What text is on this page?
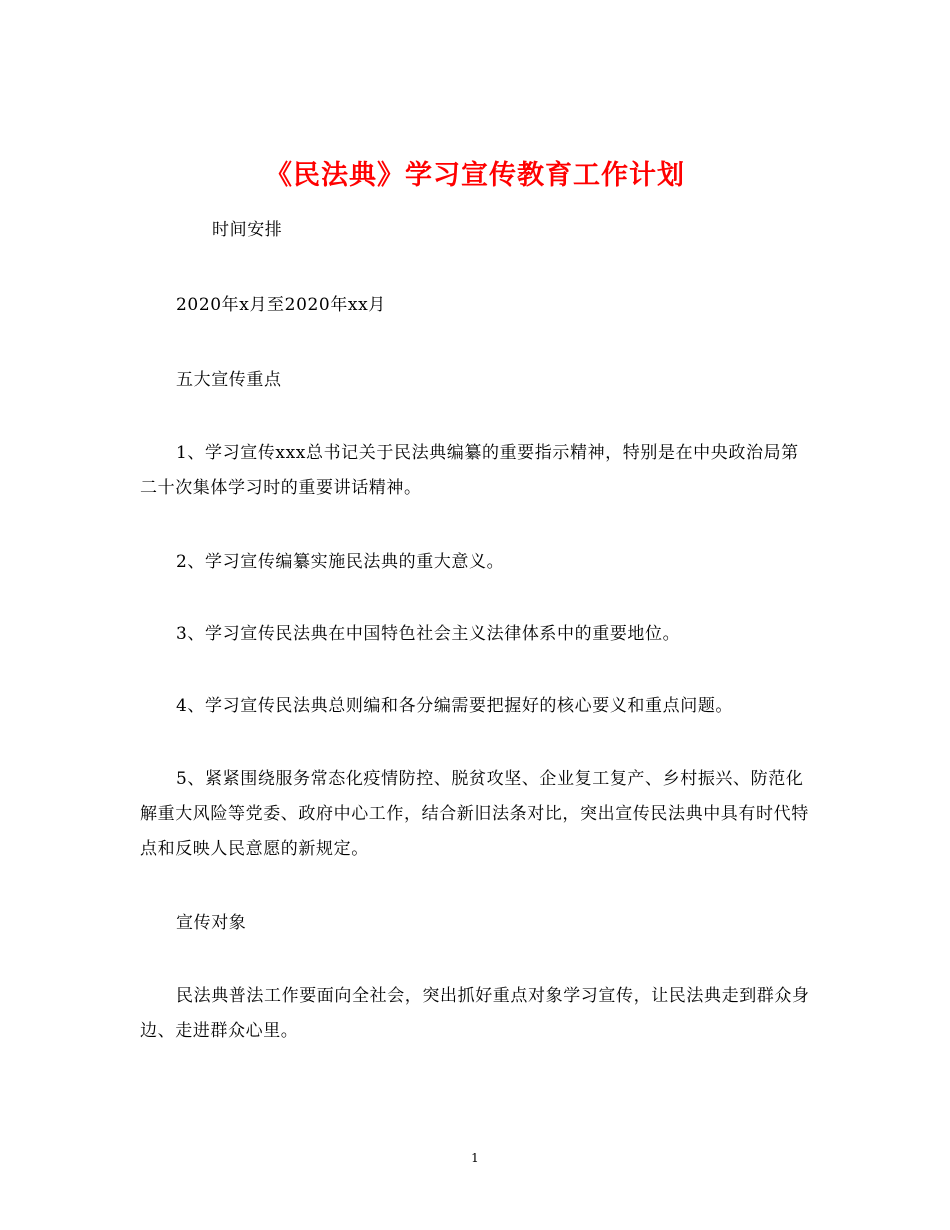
《民法典》学习宣传教育工作计划

时间安排

2020年x月至2020年xx月

五大宣传重点

1、学习宣传xxx总书记关于民法典编纂的重要指示精神，特别是在中央政治局第二十次集体学习时的重要讲话精神。

2、学习宣传编纂实施民法典的重大意义。

3、学习宣传民法典在中国特色社会主义法律体系中的重要地位。

4、学习宣传民法典总则编和各分编需要把握好的核心要义和重点问题。

5、紧紧围绕服务常态化疫情防控、脱贫攻坚、企业复工复产、乡村振兴、防范化解重大风险等党委、政府中心工作，结合新旧法条对比，突出宣传民法典中具有时代特点和反映人民意愿的新规定。

宣传对象

民法典普法工作要面向全社会，突出抓好重点对象学习宣传，让民法典走到群众身边、走进群众心里。

1
